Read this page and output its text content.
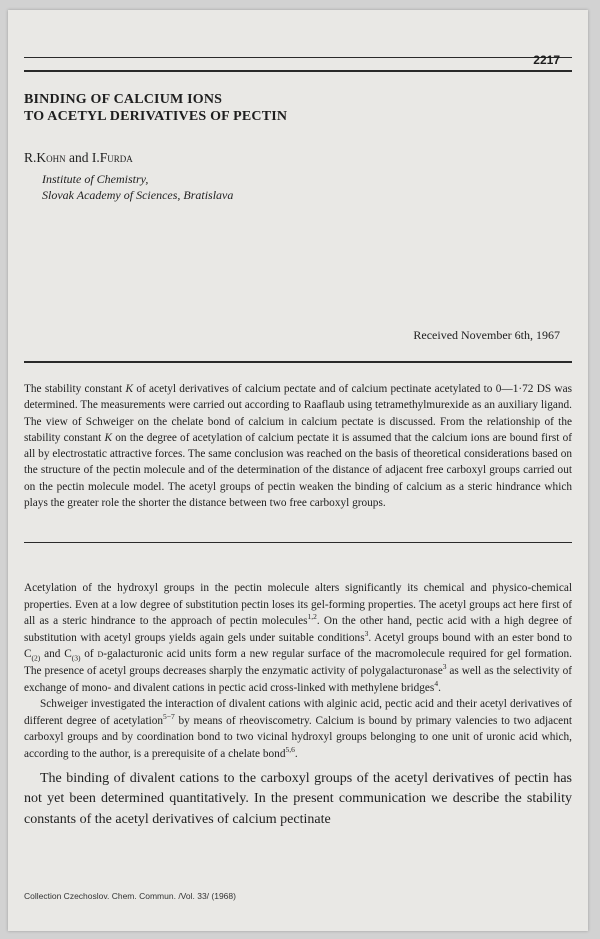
2217
BINDING OF CALCIUM IONS
TO ACETYL DERIVATIVES OF PECTIN
R.Kohn and I.Furda
Institute of Chemistry,
Slovak Academy of Sciences, Bratislava
Received November 6th, 1967

The stability constant K of acetyl derivatives of calcium pectate and of calcium pectinate acetylated to 0—1·72 DS was determined. The measurements were carried out according to Raaflaub using tetramethylmurexide as an auxiliary ligand. The view of Schweiger on the chelate bond of calcium in calcium pectate is discussed. From the relationship of the stability constant K on the degree of acetylation of calcium pectate it is assumed that the calcium ions are bound first of all by electrostatic attractive forces. The same conclusion was reached on the basis of theoretical considerations based on the structure of the pectin molecule and of the determination of the distance of adjacent free carboxyl groups carried out on the pectin molecule model. The acetyl groups of pectin weaken the binding of calcium as a steric hindrance which plays the greater role the shorter the distance between two free carboxyl groups.

Acetylation of the hydroxyl groups in the pectin molecule alters significantly its chemical and physico-chemical properties. Even at a low degree of substitution pectin loses its gel-forming properties. The acetyl groups act here first of all as a steric hindrance to the approach of pectin molecules$^{1,2}$. On the other hand, pectic acid with a high degree of substitution with acetyl groups yields again gels under suitable conditions$^3$. Acetyl groups bound with an ester bond to $C_{(2)}$ and $C_{(3)}$ of d-galacturonic acid units form a new regular surface of the macromolecule required for gel formation. The presence of acetyl groups decreases sharply the enzymatic activity of polygalacturonase$^3$ as well as the selectivity of exchange of mono- and divalent cations in pectic acid cross-linked with methylene bridges$^4$.

Schweiger investigated the interaction of divalent cations with alginic acid, pectic acid and their acetyl derivatives of different degree of acetylation$^{5-7}$ by means of rheoviscometry. Calcium is bound by primary valencies to two adjacent carboxyl groups and by coordination bond to two vicinal hydroxyl groups belonging to one unit of uronic acid which, according to the author, is a prerequisite of a chelate bond$^{5,6}$.

The binding of divalent cations to the carboxyl groups of the acetyl derivatives of pectin has not yet been determined quantitatively. In the present communication we describe the stability constants of the acetyl derivatives of calcium pectinate

Collection Czechoslov. Chem. Commun. /Vol. 33/ (1968)
